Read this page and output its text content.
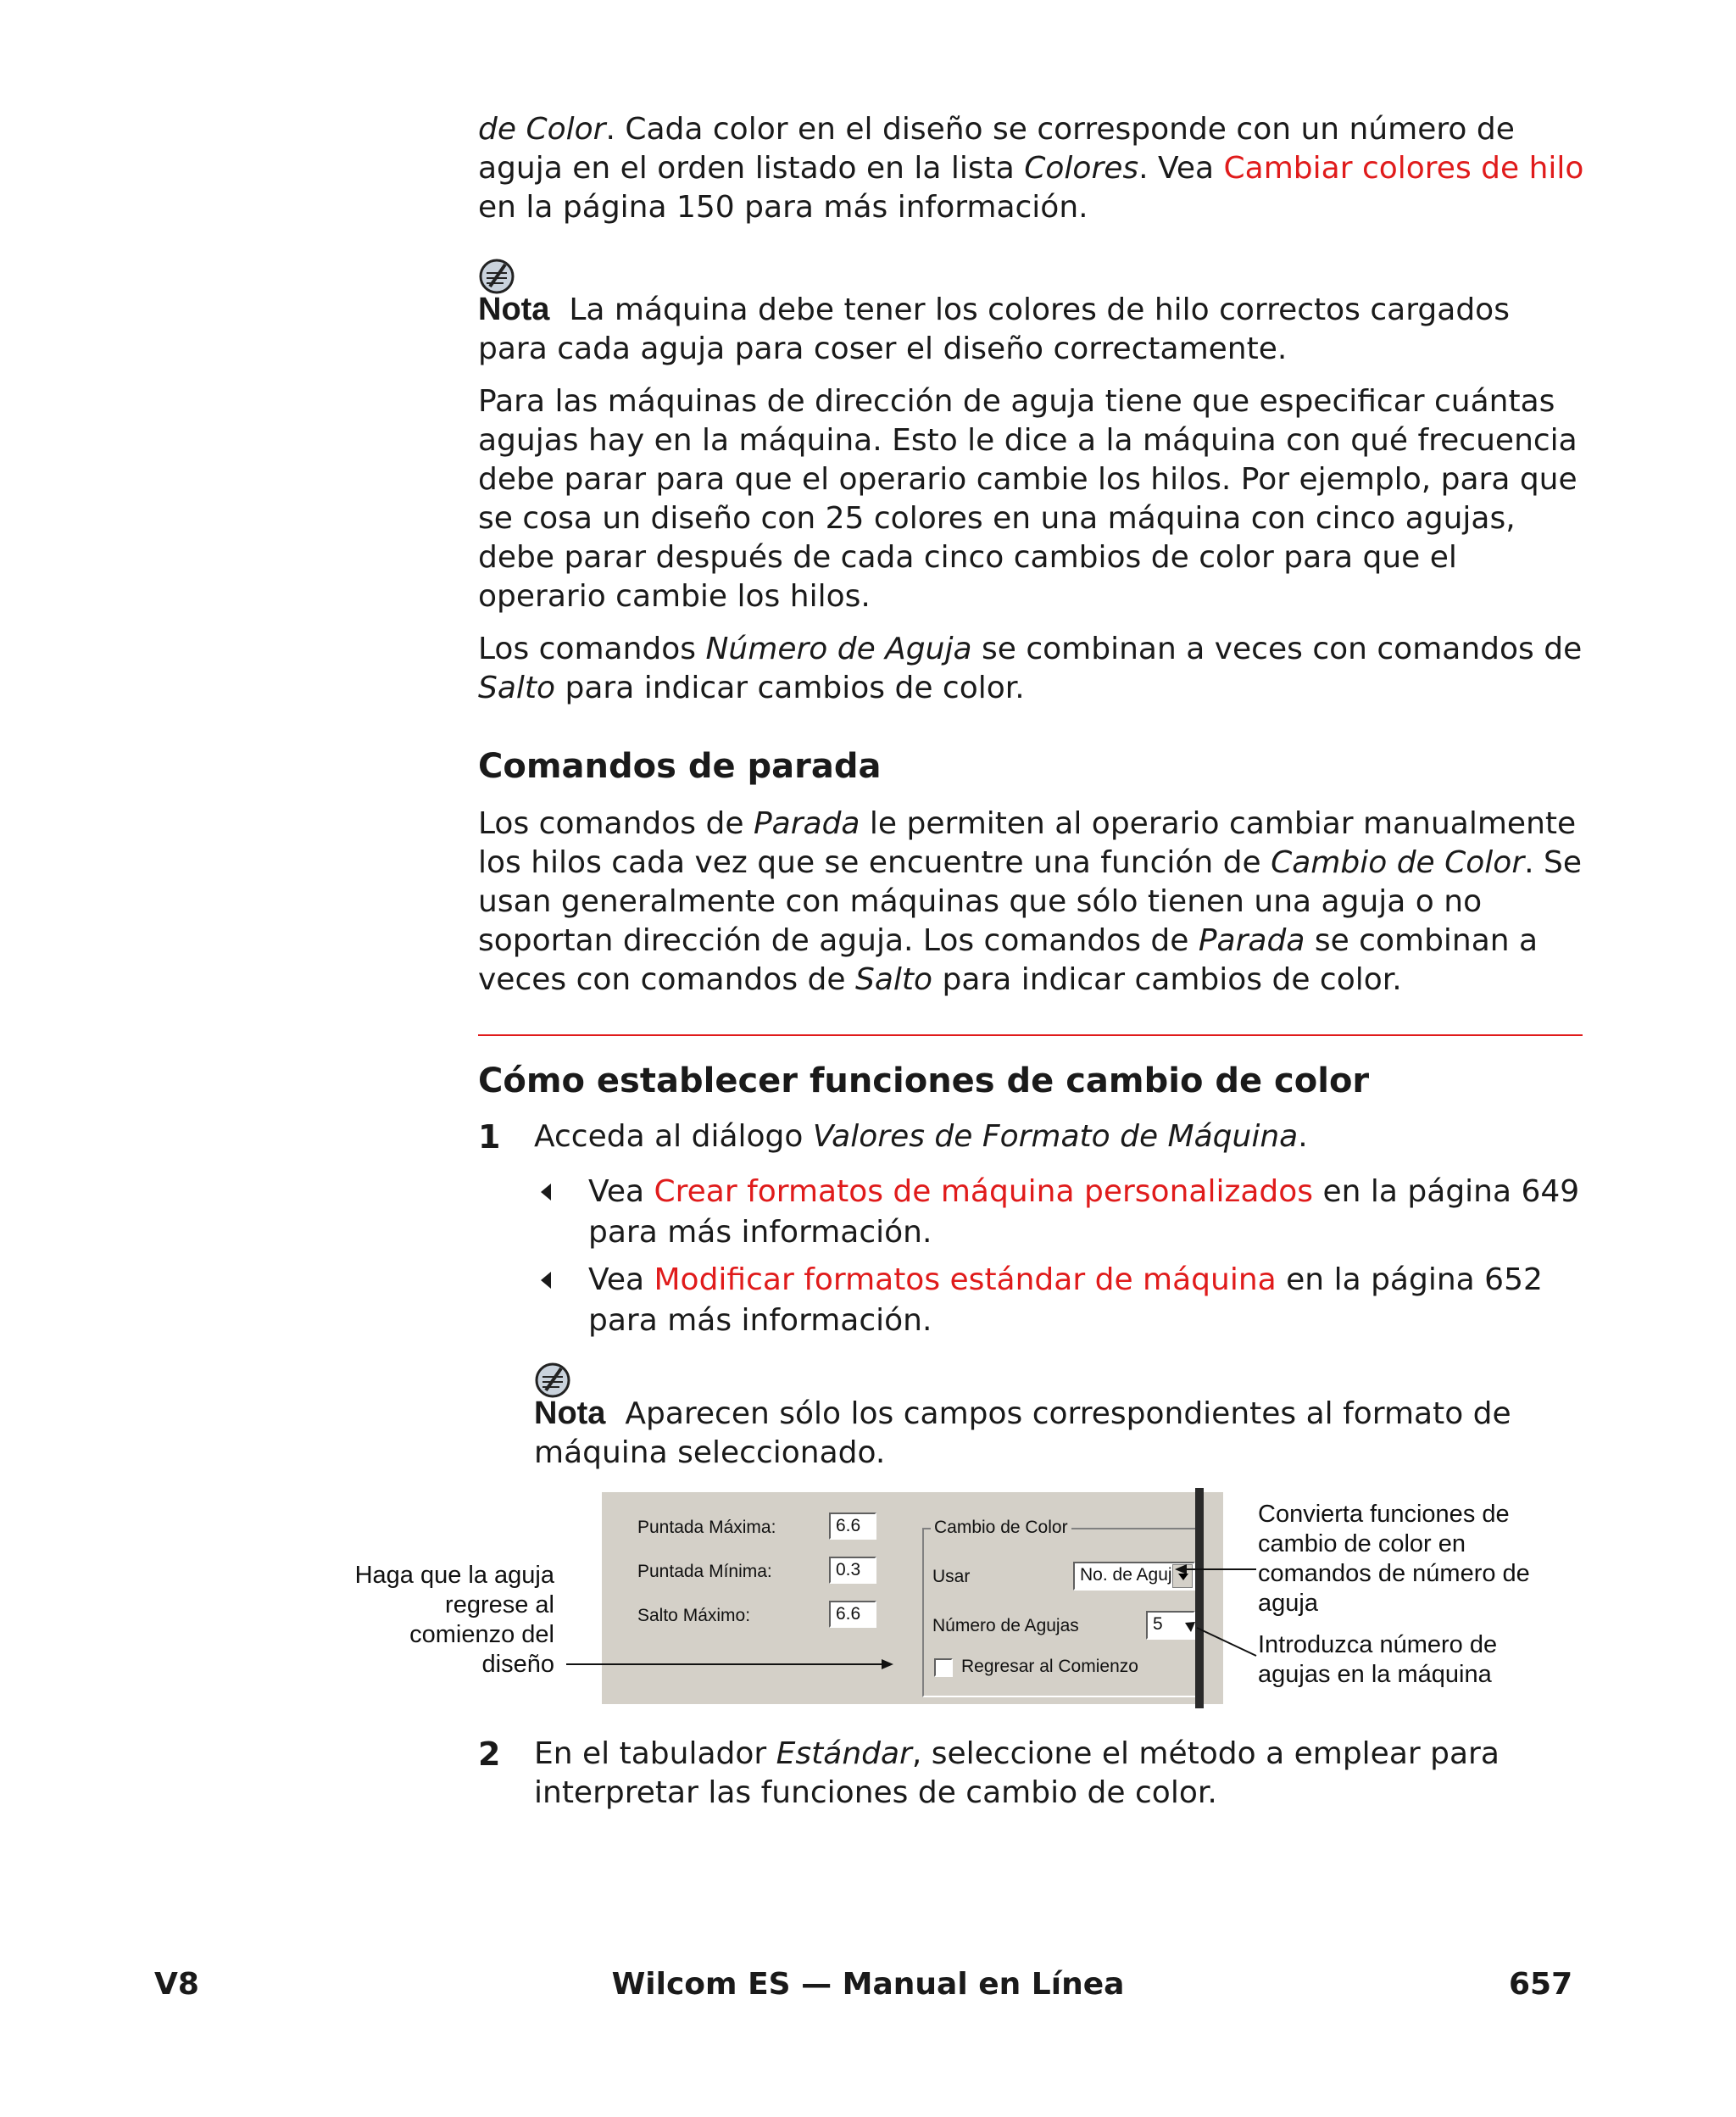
de Color. Cada color en el diseño se corresponde con un número de aguja en el orden listado en la lista Colores. Vea Cambiar colores de hilo en la página 150 para más información.

Nota La máquina debe tener los colores de hilo correctos cargados para cada aguja para coser el diseño correctamente.

Para las máquinas de dirección de aguja tiene que especificar cuántas agujas hay en la máquina. Esto le dice a la máquina con qué frecuencia debe parar para que el operario cambie los hilos. Por ejemplo, para que se cosa un diseño con 25 colores en una máquina con cinco agujas, debe parar después de cada cinco cambios de color para que el operario cambie los hilos.

Los comandos Número de Aguja se combinan a veces con comandos de Salto para indicar cambios de color.

Comandos de parada

Los comandos de Parada le permiten al operario cambiar manualmente los hilos cada vez que se encuentre una función de Cambio de Color. Se usan generalmente con máquinas que sólo tienen una aguja o no soportan dirección de aguja. Los comandos de Parada se combinan a veces con comandos de Salto para indicar cambios de color.

Cómo establecer funciones de cambio de color
1 Acceda al diálogo Valores de Formato de Máquina.
Vea Crear formatos de máquina personalizados en la página 649 para más información.
Vea Modificar formatos estándar de máquina en la página 652 para más información.

Nota Aparecen sólo los campos correspondientes al formato de máquina seleccionado.

Puntada Máxima:	6.6
Puntada Mínima:	0.3
Salto Máximo:	6.6
Cambio de Color
Usar	No. de Aguj
Número de Agujas	5
Regresar al Comienzo
Haga que la aguja
regrese al
comienzo del
diseño
Convierta funciones de
cambio de color en
comandos de número de
aguja
Introduzca número de
agujas en la máquina
2 En el tabulador Estándar, seleccione el método a emplear para interpretar las funciones de cambio de color.
V8	Wilcom ES — Manual en Línea	657
